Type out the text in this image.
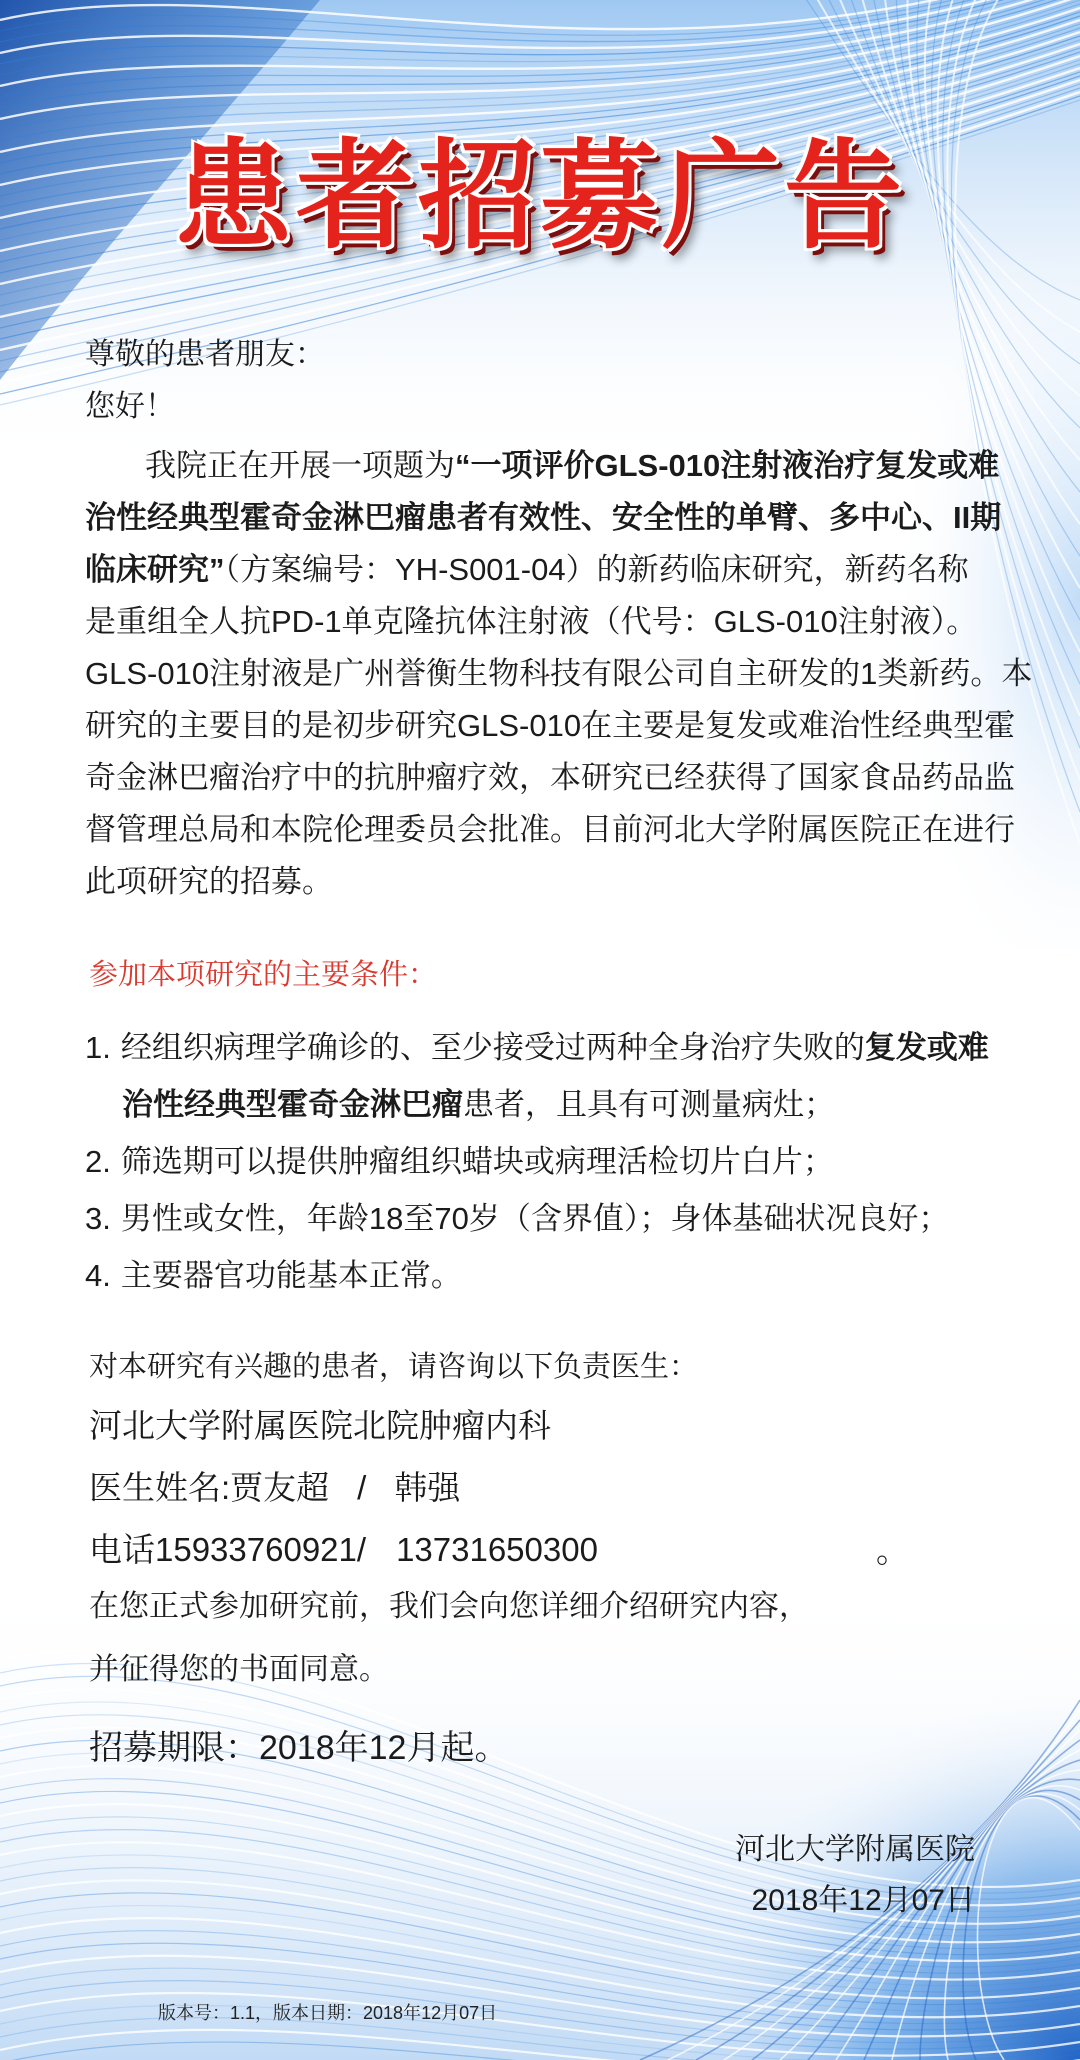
患者招募广告
尊敬的患者朋友：
您好！
我院正在开展一项题为“一项评价GLS-010注射液治疗复发或难
治性经典型霍奇金淋巴瘤患者有效性、安全性的单臂、多中心、II期
临床研究”（方案编号：YH-S001-04）的新药临床研究，新药名称
是重组全人抗PD-1单克隆抗体注射液（代号：GLS-010注射液）。
GLS-010注射液是广州誉衡生物科技有限公司自主研发的1类新药。本
研究的主要目的是初步研究GLS-010在主要是复发或难治性经典型霍
奇金淋巴瘤治疗中的抗肿瘤疗效，本研究已经获得了国家食品药品监
督管理总局和本院伦理委员会批准。目前河北大学附属医院正在进行
此项研究的招募。
参加本项研究的主要条件：
1. 经组织病理学确诊的、至少接受过两种全身治疗失败的复发或难
治性经典型霍奇金淋巴瘤患者，且具有可测量病灶；
2. 筛选期可以提供肿瘤组织蜡块或病理活检切片白片；
3. 男性或女性，年龄18至70岁（含界值）；身体基础状况良好；
4. 主要器官功能基本正常。
对本研究有兴趣的患者，请咨询以下负责医生：
河北大学附属医院北院肿瘤内科
医生姓名:贾友超 / 韩强
电话15933760921/ 13731650300	。
在您正式参加研究前，我们会向您详细介绍研究内容，
并征得您的书面同意。
招募期限：2018年12月起。
河北大学附属医院
2018年12月07日
版本号：1.1，版本日期：2018年12月07日
